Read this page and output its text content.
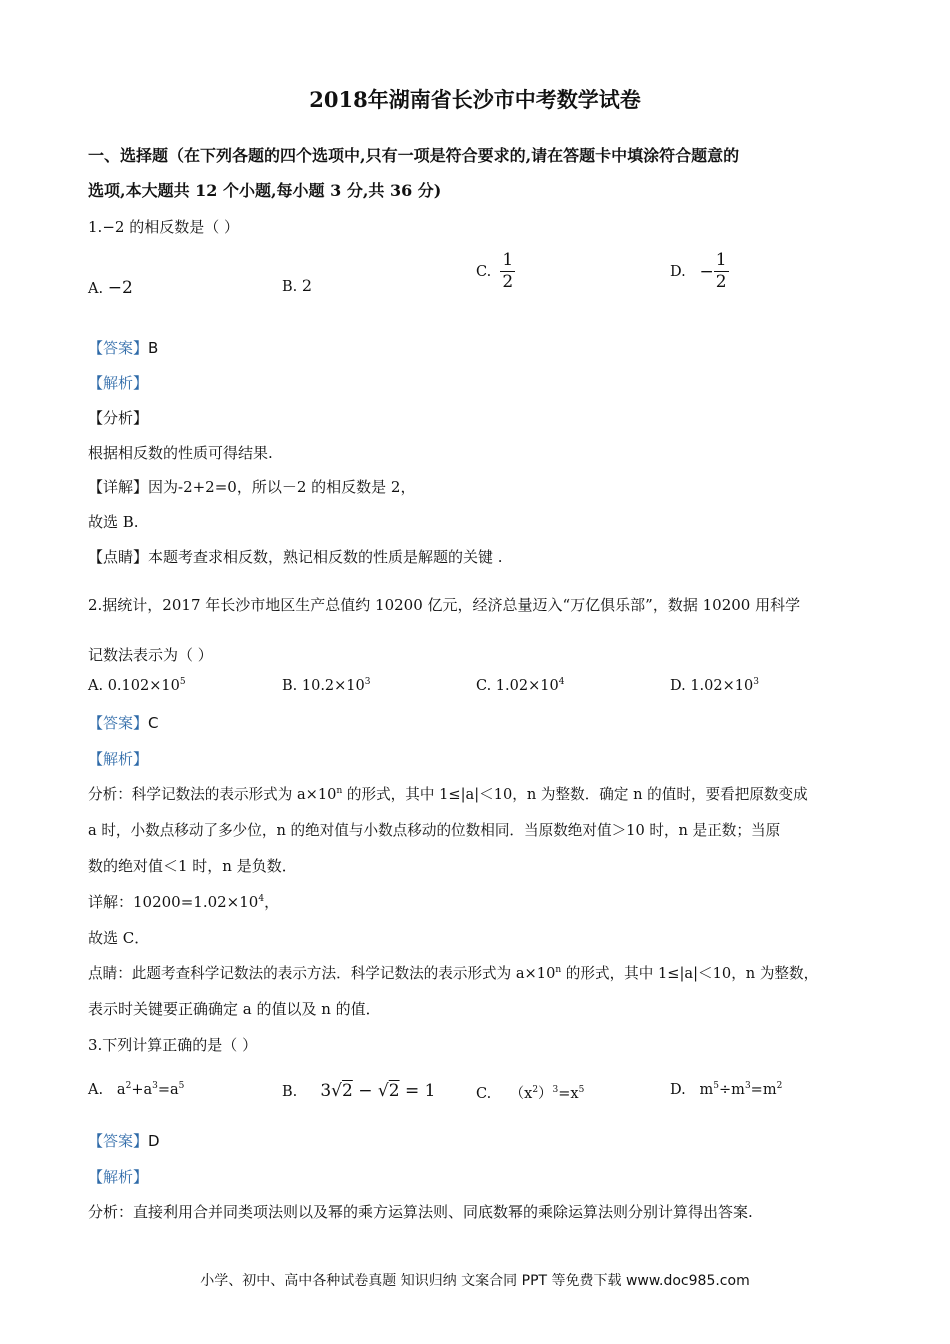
2018年湖南省长沙市中考数学试卷
一、选择题（在下列各题的四个选项中,只有一项是符合要求的,请在答题卡中填涂符合题意的
选项,本大题共 12 个小题,每小题 3 分,共 36 分)
1.−2 的相反数是（ ）
A. −2	B. 2
C. $\frac{1}{2}$	D. − $\frac{1}{2}$
【答案】B
【解析】
【分析】
根据相反数的性质可得结果.
【详解】因为-2+2=0，所以－2 的相反数是 2，
故选 B.
【点睛】本题考查求相反数，熟记相反数的性质是解题的关键 .
2.据统计，2017 年长沙市地区生产总值约 10200 亿元，经济总量迈入“万亿俱乐部”，数据 10200 用科学
记数法表示为（ ）
A. $0.102\times 10^5$	B. $10.2\times 10^3$	C. $1.02\times 10^4$	D. $1.02\times 10^3$
【答案】C
【解析】
分析：科学记数法的表示形式为 $a\times 10^n$ 的形式，其中 1≤|a|＜10，n 为整数．确定 n 的值时，要看把原数变成
a 时，小数点移动了多少位，n 的绝对值与小数点移动的位数相同．当原数绝对值＞10 时，n 是正数；当原
数的绝对值＜1 时，n 是负数．
详解：$10200=1.02\times 10^4$，
故选 C．
点睛：此题考查科学记数法的表示方法．科学记数法的表示形式为 $a\times 10^n$ 的形式，其中 1≤|a|＜10，n 为整数，
表示时关键要正确确定 a 的值以及 n 的值．
3.下列计算正确的是（ ）
A. $a^2+a^3=a^5$	B. 3√2 − √2 = 1	C. $(x^2)^3=x^5$	D. $m^5\div m^3=m^2$
【答案】D
【解析】
分析：直接利用合并同类项法则以及幂的乘方运算法则、同底数幂的乘除运算法则分别计算得出答案.
小学、初中、高中各种试卷真题 知识归纳 文案合同 PPT 等免费下载 www.doc985.com
